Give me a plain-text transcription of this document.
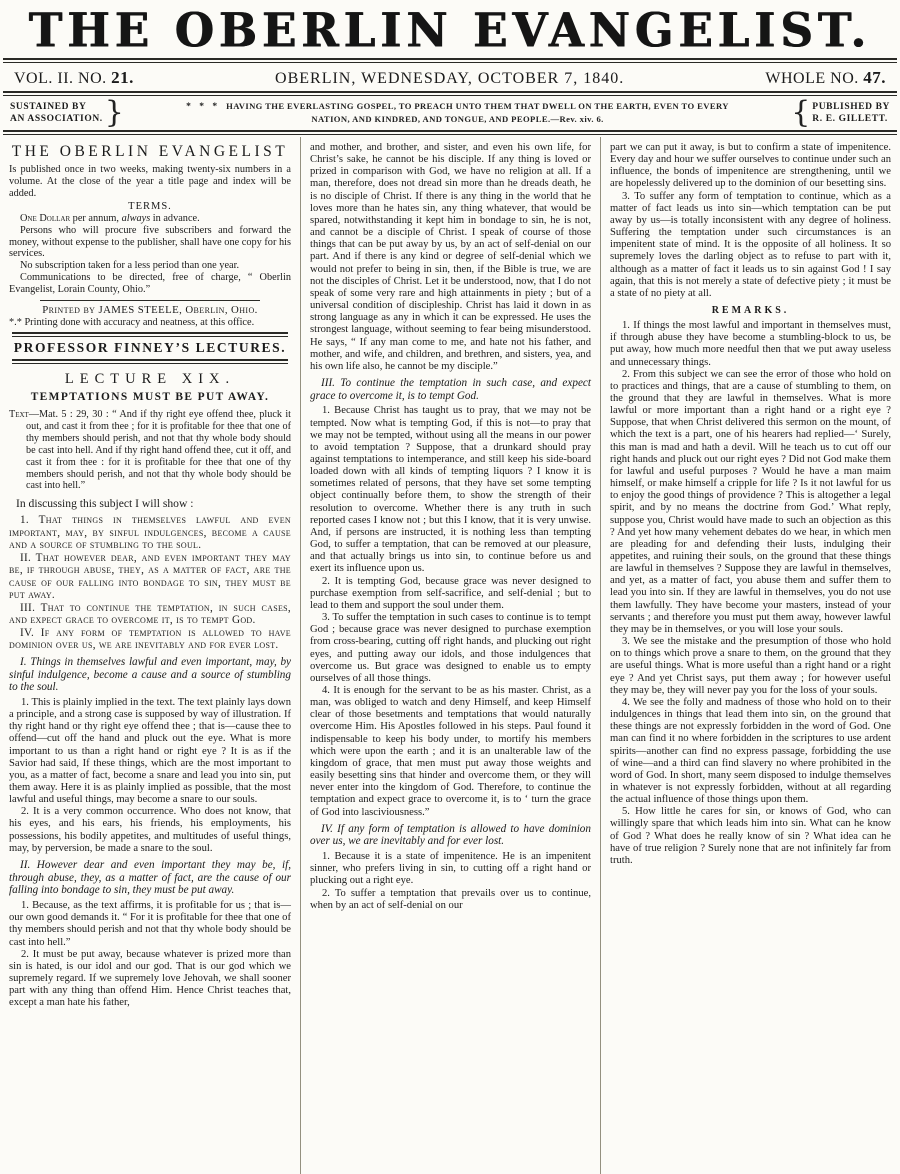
THE OBERLIN EVANGELIST.
VOL. II. NO. 21.	OBERLIN, WEDNESDAY, OCTOBER 7, 1840.	WHOLE NO. 47.
SUSTAINED BY
AN ASSOCIATION. }	* * * HAVING THE EVERLASTING GOSPEL, TO PREACH UNTO THEM THAT DWELL ON THE EARTH, EVEN TO EVERY NATION, AND KINDRED, AND TONGUE, AND PEOPLE.—Rev. xiv. 6.	{ PUBLISHED BY
R. E. GILLETT.
THE OBERLIN EVANGELIST

Is published once in two weeks, making twenty-six numbers in a volume. At the close of the year a title page and index will be added.

TERMS.

One Dollar per annum, always in advance.

Persons who will procure five subscribers and forward the money, without expense to the publisher, shall have one copy for his services.

No subscription taken for a less period than one year.

Communications to be directed, free of charge, “ Oberlin Evangelist, Lorain County, Ohio.”

Printed by JAMES STEELE, Oberlin, Ohio.

*.* Printing done with accuracy and neatness, at this office.

PROFESSOR FINNEY’S LECTURES.
LECTURE XIX.
TEMPTATIONS MUST BE PUT AWAY.

Text—Mat. 5 : 29, 30 : “ And if thy right eye offend thee, pluck it out, and cast it from thee ; for it is profitable for thee that one of thy members should perish, and not that thy whole body should be cast into hell. And if thy right hand offend thee, cut it off, and cast it from thee : for it is profitable for thee that one of thy members should perish, and not that thy whole body should be cast into hell.”

In discussing this subject I will show :

1. That things in themselves lawful and even important, may, by sinful indulgences, become a cause and a source of stumbling to the soul.

II. That however dear, and even important they may be, if through abuse, they, as a matter of fact, are the cause of our falling into bondage to sin, they must be put away.

III. That to continue the temptation, in such cases, and expect grace to overcome it, is to tempt God.

IV. If any form of temptation is allowed to have dominion over us, we are inevitably and for ever lost.

I. Things in themselves lawful and even important, may, by sinful indulgence, become a cause and a source of stumbling to the soul.

1. This is plainly implied in the text. The text plainly lays down a principle, and a strong case is supposed by way of illustration. If thy right hand or thy right eye offend thee ; that is—cause thee to offend—cut off the hand and pluck out the eye. What is more important to us than a right hand or right eye ? It is as if the Savior had said, If these things, which are the most important to you, as a matter of fact, become a snare and lead you into sin, put them away. Here it is as plainly implied as possible, that the most lawful and useful things, may become a snare to our souls.

2. It is a very common occurrence. Who does not know, that his eyes, and his ears, his friends, his employments, his possessions, his bodily appetites, and multitudes of useful things, may, by perversion, be made a snare to the soul.

II. However dear and even important they may be, if, through abuse, they, as a matter of fact, are the cause of our falling into bondage to sin, they must be put away.

1. Because, as the text affirms, it is profitable for us ; that is—our own good demands it. “ For it is profitable for thee that one of thy members should perish and not that thy whole body should be cast into hell.”

2. It must be put away, because whatever is prized more than sin is hated, is our idol and our god. That is our god which we supremely regard. If we supremely love Jehovah, we shall sooner part with any thing than offend Him. Hence Christ teaches that, except a man hate his father,

and mother, and brother, and sister, and even his own life, for Christ’s sake, he cannot be his disciple. If any thing is loved or prized in comparison with God, we have no religion at all. If a man, therefore, does not dread sin more than he dreads death, he is no disciple of Christ. If there is any thing in the world that he loves more than he hates sin, any thing whatever, that would be spared, notwithstanding it kept him in bondage to sin, he is not, and cannot be a disciple of Christ. I speak of course of those things that can be put away by us, by an act of self-denial on our part. And if there is any kind or degree of self-denial which we would not prefer to being in sin, then, if the Bible is true, we are not the disciples of Christ. Let it be understood, now, that I do not speak of some very rare and high attainments in piety ; but of a universal condition of discipleship. Christ has laid it down in as strong language as any in which it can be expressed. He uses the strongest language, without seeming to fear being misunderstood. He says, “ If any man come to me, and hate not his father, and mother, and wife, and children, and brethren, and sisters, yea, and his own life also, he cannot be my disciple.”

III. To continue the temptation in such case, and expect grace to overcome it, is to tempt God.

1. Because Christ has taught us to pray, that we may not be tempted. Now what is tempting God, if this is not—to pray that we may not be tempted, without using all the means in our power to avoid temptation ? Suppose, that a drunkard should pray against temptations to intemperance, and still keep his side-board loaded down with all kinds of tempting liquors ? I know it is sometimes related of persons, that they have set some tempting object continually before them, to show the strength of their resolution to overcome. Whether there is any truth in such reported cases I know not ; but this I know, that it is very unwise. And, if persons are instructed, it is nothing less than tempting God, to suffer a temptation, that can be removed at our pleasure, and that actually brings us into sin, to continue before us and exert its influence upon us.

2. It is tempting God, because grace was never designed to purchase exemption from self-sacrifice, and self-denial ; but to lead to them and support the soul under them.

3. To suffer the temptation in such cases to continue is to tempt God ; because grace was never designed to purchase exemption from cross-bearing, cutting off right hands, and plucking out right eyes, and putting away our idols, and those indulgences that overcome us. But grace was designed to enable us to empty ourselves of all those things.

4. It is enough for the servant to be as his master. Christ, as a man, was obliged to watch and deny Himself, and keep Himself clear of those besetments and temptations that would naturally overcome Him. His Apostles followed in his steps. Paul found it indispensable to keep his body under, to mortify his members which were upon the earth ; and it is an unalterable law of the kingdom of grace, that men must put away those weights and easily besetting sins that hinder and overcome them, or they will never enter into the kingdom of God. Therefore, to continue the temptation and expect grace to overcome it, is to ‘ turn the grace of God into lasciviousness.”

IV. If any form of temptation is allowed to have dominion over us, we are inevitably and for ever lost.

1. Because it is a state of impenitence. He is an impenitent sinner, who prefers living in sin, to cutting off a right hand or plucking out a right eye.

2. To suffer a temptation that prevails over us to continue, when by an act of self-denial on our

part we can put it away, is but to confirm a state of impenitence. Every day and hour we suffer ourselves to continue under such an influence, the bonds of impenitence are strengthening, until we are hopelessly delivered up to the dominion of our besetting sins.

3. To suffer any form of temptation to continue, which as a matter of fact leads us into sin—which temptation can be put away by us—is totally inconsistent with any degree of holiness. Suffering the temptation under such circumstances is an impenitent state of mind. It is the opposite of all holiness. It so supremely loves the darling object as to refuse to part with it, although as a matter of fact it leads us to sin against God ! I say again, that this is not merely a state of defective piety ; it must be a state of no piety at all.

REMARKS.

1. If things the most lawful and important in themselves must, if through abuse they have become a stumbling-block to us, be put away, how much more needful then that we put away useless and unnecessary things.

2. From this subject we can see the error of those who hold on to practices and things, that are a cause of stumbling to them, on the ground that they are lawful in themselves. What is more lawful or more important than a right hand or a right eye ? Suppose, that when Christ delivered this sermon on the mount, of which the text is a part, one of his hearers had replied—‘ Surely, this man is mad and hath a devil. Will he teach us to cut off our right hands and pluck out our right eyes ? Did not God make them for lawful and useful purposes ? Would he have a man maim himself, or make himself a cripple for life ? Is it not lawful for us to enjoy the good things of providence ? This is altogether a legal spirit, and by no means the doctrine from God.’ What reply, suppose you, Christ would have made to such an objection as this ? And yet how many vehement debates do we hear, in which men are pleading for and defending their lusts, indulging their appetites, and ruining their souls, on the ground that these things are lawful in themselves ? Suppose they are lawful in themselves, and yet, as a matter of fact, you abuse them and suffer them to lead you into sin. If they are lawful in themselves, you do not use them lawfully. They have become your masters, instead of your servants ; and therefore you must put them away, however lawful they may be in themselves, or you will lose your souls.

3. We see the mistake and the presumption of those who hold on to things which prove a snare to them, on the ground that they are useful things. What is more useful than a right hand or a right eye ? And yet Christ says, put them away ; for however useful they may be, they will never pay you for the loss of your souls.

4. We see the folly and madness of those who hold on to their indulgences in things that lead them into sin, on the ground that these things are not expressly forbidden in the word of God. One man can find it no where forbidden in the scriptures to use ardent spirits—another can find no express passage, forbidding the use of wine—and a third can find slavery no where prohibited in the word of God. In short, many seem disposed to indulge themselves in whatever is not expressly forbidden, without at all regarding the actual influence of those things upon them.

5. How little he cares for sin, or knows of God, who can willingly spare that which leads him into sin. What can he know of God ? What does he really know of sin ? What idea can he have of true religion ? Surely none that are not infinitely far from truth.
